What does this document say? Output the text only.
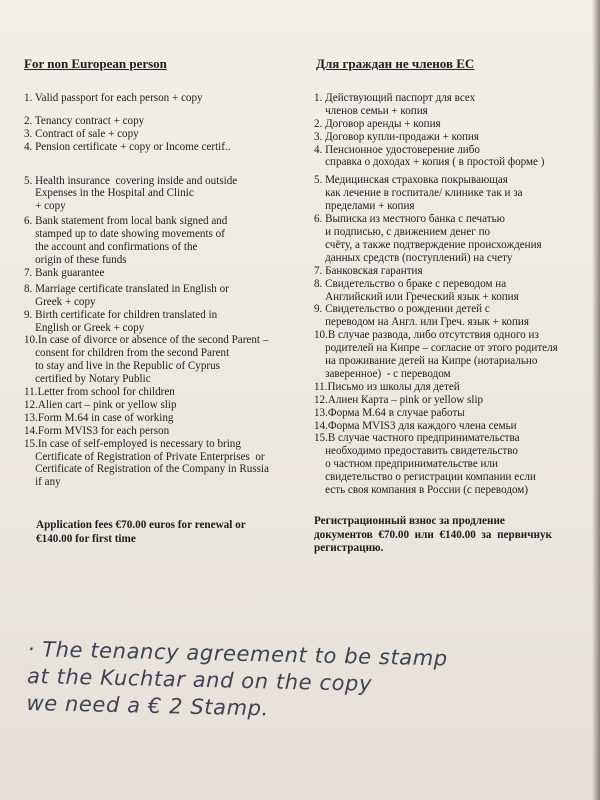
For non European person
1. Valid passport for each person + copy
2. Tenancy contract + copy
3. Contract of sale + copy
4. Pension certificate + copy or Income certif..
5. Health insurance  covering inside and outside
Expenses in the Hospital and Clinic
+ copy
6. Bank statement from local bank signed and
stamped up to date showing movements of
the account and confirmations of the
origin of these funds
7. Bank guarantee
8. Marriage certificate translated in English or
Greek + copy
9. Birth certificate for children translated in
English or Greek + copy
10.In case of divorce or absence of the second Parent –
consent for children from the second Parent
to stay and live in the Republic of Cyprus
certified by Notary Public
11.Letter from school for children
12.Alien cart – pink or yellow slip
13.Form M.64 in case of working
14.Form MVIS3 for each person
15.In case of self-employed is necessary to bring
Certificate of Registration of Private Enterprises  or
Certificate of Registration of the Company in Russia
if any
Application fees €70.00 euros for renewal or
€140.00 for first time
Для граждан не членов ЕС
1. Действующий паспорт для всех
членов семьи + копия
2. Договор аренды + копия
3. Договор купли-продажи + копия
4. Пенсионное удостоверение либо
справка о доходах + копия ( в простой форме )
5. Медицинская страховка покрывающая
как лечение в госпитале/ клинике так и за
пределами + копия
6. Выписка из местного банка с печатью
и подписью, с движением денег по
счёту, а также подтверждение происхождения
данных средств (поступлений) на счету
7. Банковская гарантия
8. Свидетельство о браке с переводом на
Английский или Греческий язык + копия
9. Свидетельство о рождении детей с
переводом на Англ. или Греч. язык + копия
10.В случае развода, либо отсутствия одного из
родителей на Кипре – согласие от этого родителя
на проживание детей на Кипре (нотариально
заверенное)  - с переводом
11.Письмо из школы для детей
12.Алиен Карта – pink or yellow slip
13.Форма M.64 в случае работы
14.Форма MVIS3 для каждого члена семьи
15.В случае частного предпринимательства
необходимо предоставить свидетельство
о частном предпринимательстве или
свидетельство о регистрации компании если
есть своя компания в России (с переводом)
Регистрационный взнос за продление
документов  €70.00  или  €140.00  за  первичнук
регистрацию.
· The tenancy agreement to be stamp
at the Kuchtar and on the copy
we need a € 2 Stamp.
